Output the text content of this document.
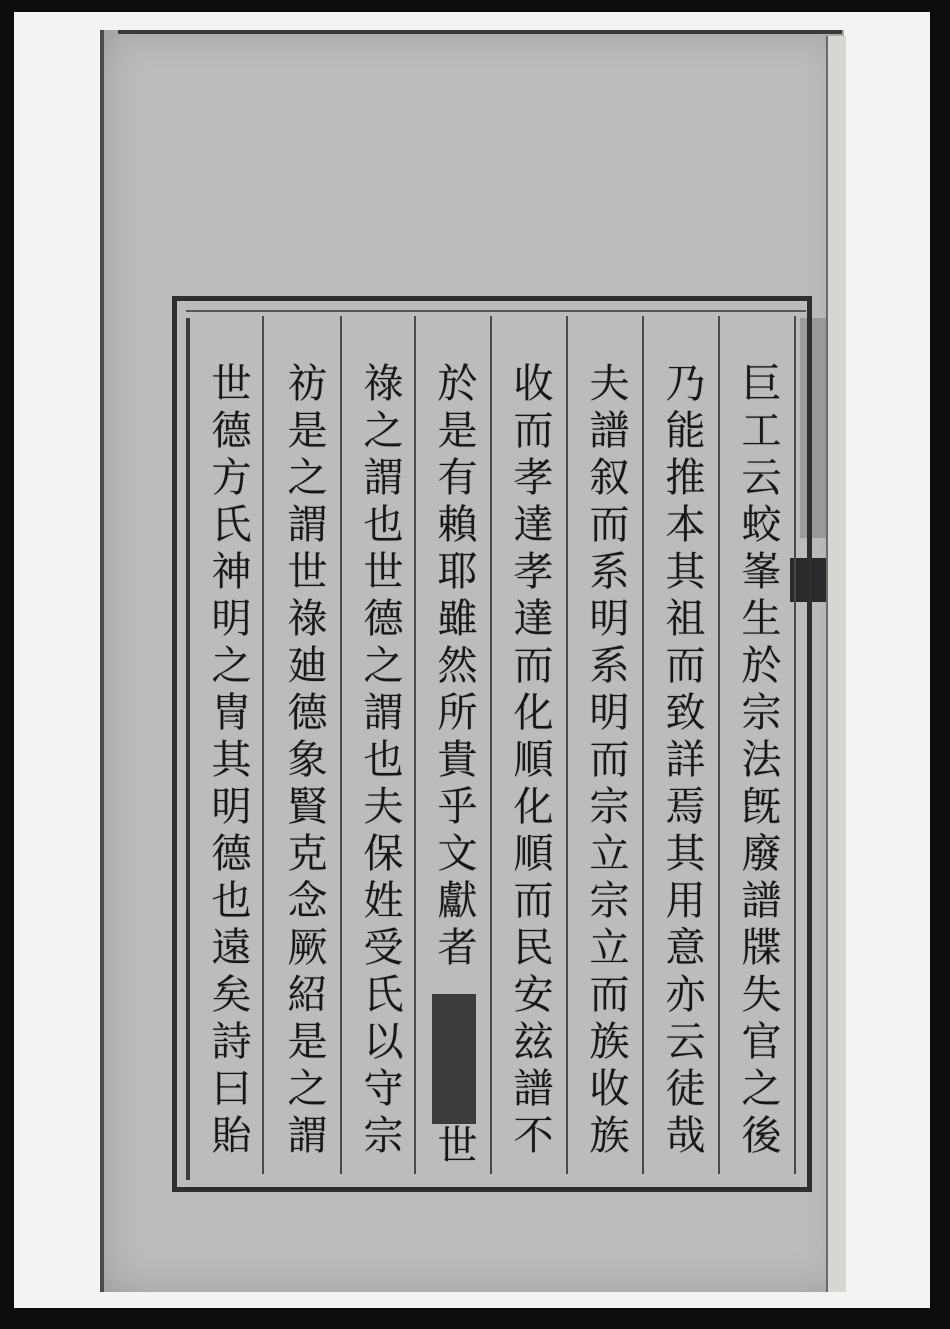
巨工云蛟峯生於宗法旣廢譜牒失官之後
乃能推本其祖而致詳焉其用意亦云徒哉
夫譜叙而系明系明而宗立宗立而族收族
收而孝達孝達而化順化順而民安玆譜不
於是有賴耶雖然所貴乎文獻者
世
祿之謂也世德之謂也夫保姓受氏以守宗
祊是之謂世祿廸德象賢克念厥紹是之謂
世德方氏神明之冑其明德也遠矣詩曰貽
